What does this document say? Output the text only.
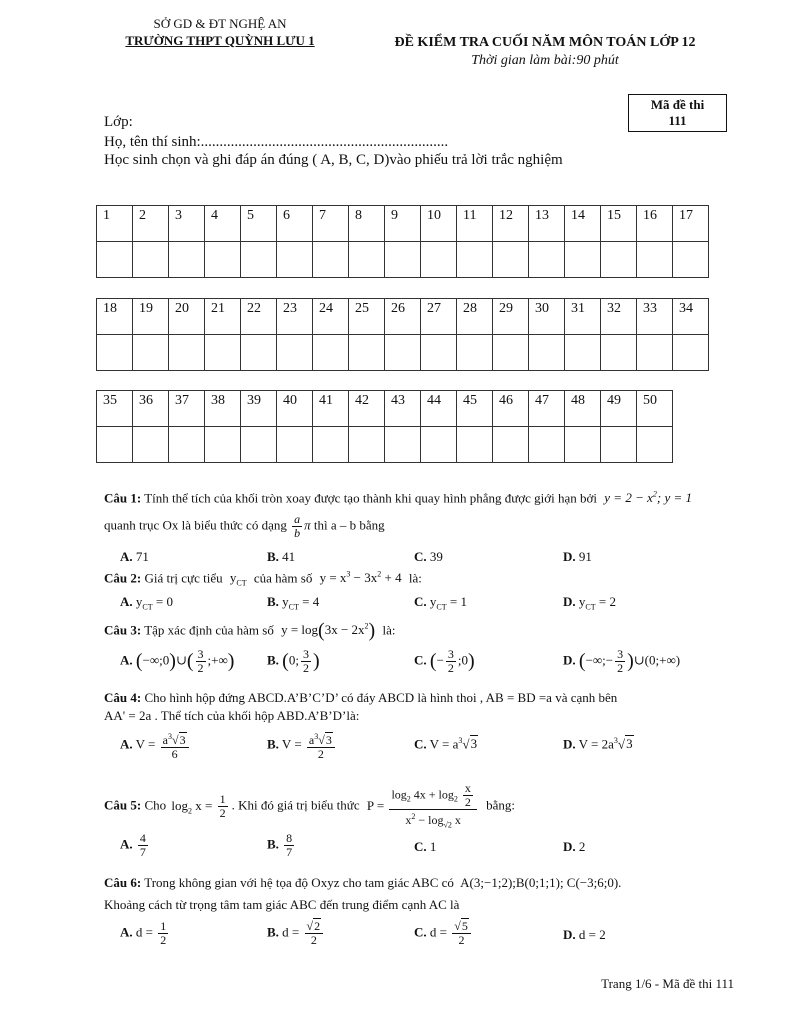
SỞ GD & ĐT NGHỆ AN
TRƯỜNG THPT QUỲNH LƯU 1	ĐỀ KIỂM TRA CUỐI NĂM MÔN TOÁN LỚP 12
Thời gian làm bài:90 phút
Mã đề thi
111
Lớp:
Họ, tên thí sinh:..................................................................
Học sinh chọn và ghi đáp án đúng ( A, B, C, D)vào phiếu trả lời trắc nghiệm
1	2	3	4	5	6	7	8	9	10	11	12	13	14	15	16	17

18	19	20	21	22	23	24	25	26	27	28	29	30	31	32	33	34

35	36	37	38	39	40	41	42	43	44	45	46	47	48	49	50

Câu 1: Tính thể tích của khối tròn xoay được tạo thành khi quay hình phẳng được giới hạn bởi $y = 2 - x^2$; y = 1
quanh trục Ox là biểu thức có dạng $\frac{a}{b}$ π thì a – b bằng
A. 71	B. 41	C. 39	D. 91
Câu 2: Giá trị cực tiểu $y_{CT}$ của hàm số $y = x^3 - 3x^2 + 4$ là:
A. $y_{CT} = 0$	B. $y_{CT} = 4$	C. $y_{CT} = 1$	D. $y_{CT} = 2$
Câu 3: Tập xác định của hàm số $y = \log(3x - 2x^2)$ là:
A. (−∞;0)∪( $\frac{3}{2}$ ;+∞)	B. (0; $\frac{3}{2}$ )	C. (− $\frac{3}{2}$ ;0)	D. (−∞;− $\frac{3}{2}$ )∪(0;+∞)
Câu 4: Cho hình hộp đứng ABCD.A’B’C’D’ có đáy ABCD là hình thoi , AB = BD =a và cạnh bên
AA' = 2a . Thể tích của khối hộp ABD.A’B’D’là:
A. $V = \frac{a^3√3}{6}$	B. $V = \frac{a^3√3}{2}$	C. $V = a^3√3$	D. $V = 2a^3√3$
Câu 5: Cho $\log_2 x = \frac{1}{2}$ . Khi đó giá trị biểu thức $P = \frac{\log_2 4x + \log_2 \frac{x}{2}}{x^2 - \log_{√2} x}$ bằng:
A. $\frac{4}{7}$	B. $\frac{8}{7}$	C. 1	D. 2
Câu 6: Trong không gian với hệ tọa độ Oxyz cho tam giác ABC có A(3;−1;2);B(0;1;1); C(−3;6;0).
Khoảng cách từ trọng tâm tam giác ABC đến trung điểm cạnh AC là
A. $d = \frac{1}{2}$	B. $d = \frac{√2}{2}$	C. $d = \frac{√5}{2}$	D. d = 2
Trang 1/6 - Mã đề thi 111
